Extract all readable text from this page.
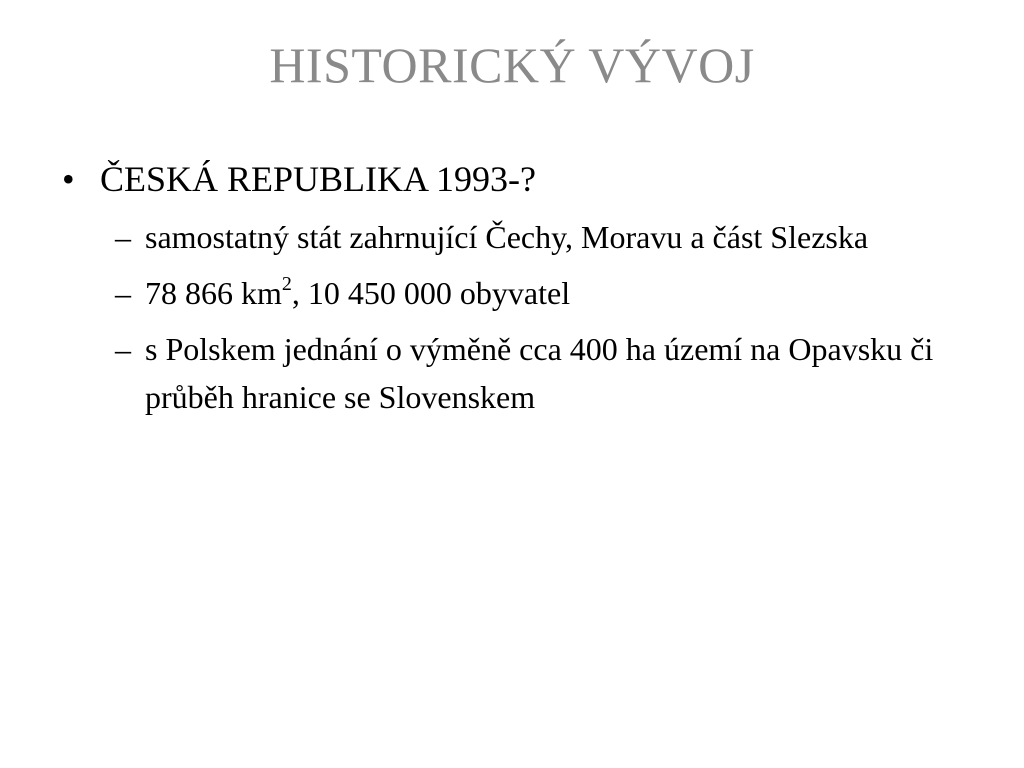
HISTORICKÝ VÝVOJ
• ČESKÁ REPUBLIKA 1993-?
– samostatný stát zahrnující Čechy, Moravu a část Slezska
– 78 866 $km^2$, 10 450 000 obyvatel
– s Polskem jednání o výměně cca 400 ha území na Opavsku či průběh hranice se Slovenskem
